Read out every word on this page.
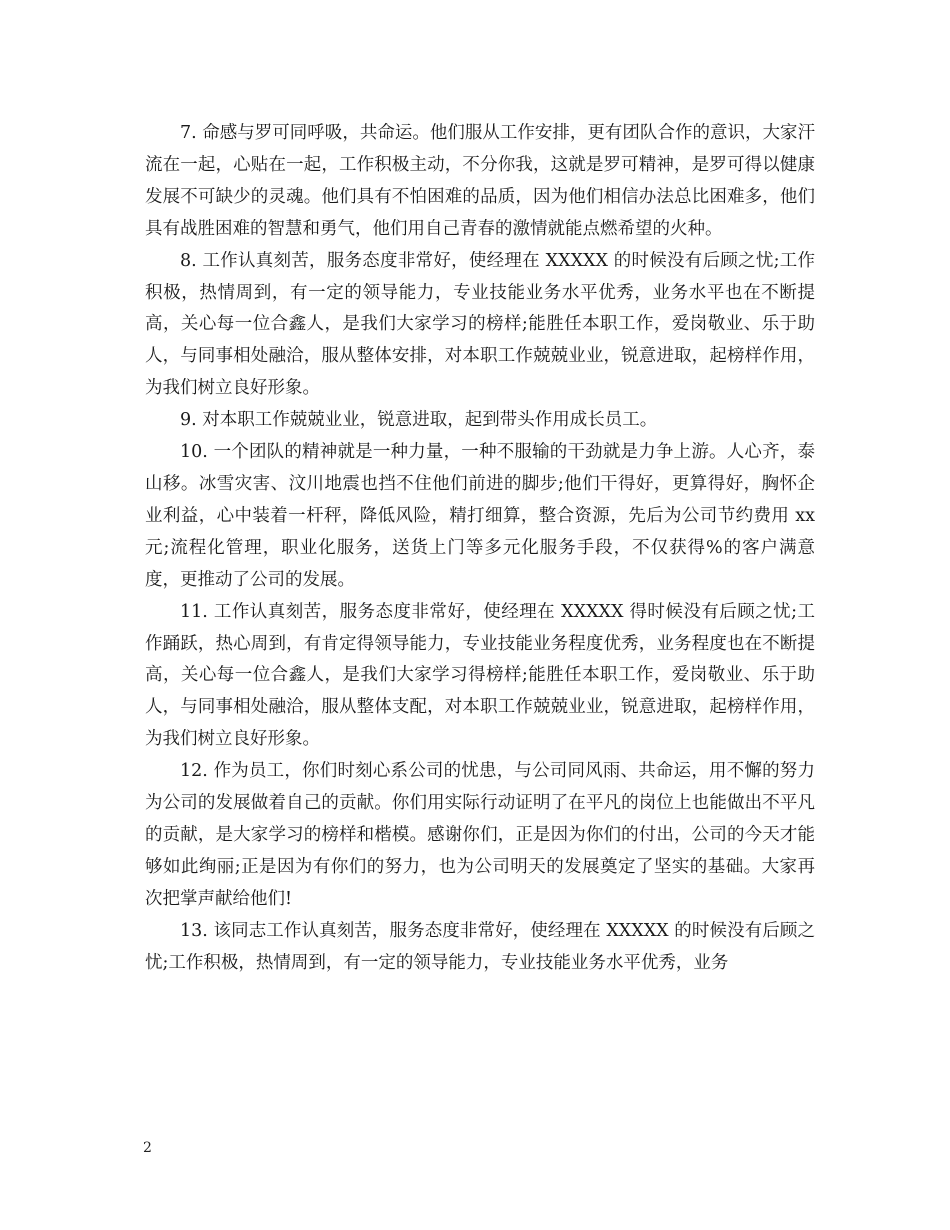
7. 命感与罗可同呼吸，共命运。他们服从工作安排，更有团队合作的意识，大家汗流在一起，心贴在一起，工作积极主动，不分你我，这就是罗可精神，是罗可得以健康发展不可缺少的灵魂。他们具有不怕困难的品质，因为他们相信办法总比困难多，他们具有战胜困难的智慧和勇气，他们用自己青春的激情就能点燃希望的火种。

8. 工作认真刻苦，服务态度非常好，使经理在 XXXXX 的时候没有后顾之忧;工作积极，热情周到，有一定的领导能力，专业技能业务水平优秀，业务水平也在不断提高，关心每一位合鑫人，是我们大家学习的榜样;能胜任本职工作，爱岗敬业、乐于助人，与同事相处融洽，服从整体安排，对本职工作兢兢业业，锐意进取，起榜样作用，为我们树立良好形象。

9. 对本职工作兢兢业业，锐意进取，起到带头作用成长员工。

10. 一个团队的精神就是一种力量，一种不服输的干劲就是力争上游。人心齐，泰山移。冰雪灾害、汶川地震也挡不住他们前进的脚步;他们干得好，更算得好，胸怀企业利益，心中装着一杆秤，降低风险，精打细算，整合资源，先后为公司节约费用 xx 元;流程化管理，职业化服务，送货上门等多元化服务手段，不仅获得%的客户满意度，更推动了公司的发展。

11. 工作认真刻苦，服务态度非常好，使经理在 XXXXX 得时候没有后顾之忧;工作踊跃，热心周到，有肯定得领导能力，专业技能业务程度优秀，业务程度也在不断提高，关心每一位合鑫人，是我们大家学习得榜样;能胜任本职工作，爱岗敬业、乐于助人，与同事相处融洽，服从整体支配，对本职工作兢兢业业，锐意进取，起榜样作用，为我们树立良好形象。

12. 作为员工，你们时刻心系公司的忧患，与公司同风雨、共命运，用不懈的努力为公司的发展做着自己的贡献。你们用实际行动证明了在平凡的岗位上也能做出不平凡的贡献，是大家学习的榜样和楷模。感谢你们，正是因为你们的付出，公司的今天才能够如此绚丽;正是因为有你们的努力，也为公司明天的发展奠定了坚实的基础。大家再次把掌声献给他们!

13. 该同志工作认真刻苦，服务态度非常好，使经理在 XXXXX 的时候没有后顾之忧;工作积极，热情周到，有一定的领导能力，专业技能业务水平优秀，业务

2
